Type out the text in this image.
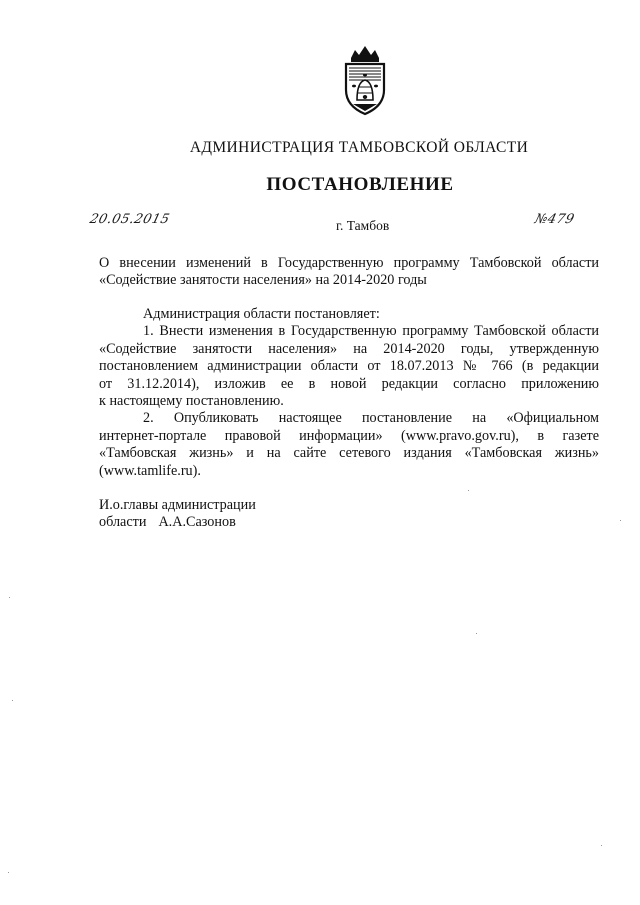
АДМИНИСТРАЦИЯ ТАМБОВСКОЙ ОБЛАСТИ
ПОСТАНОВЛЕНИЕ
20.05.2015	г. Тамбов	№479

О внесении изменений в Государственную программу Тамбовской области

«Содействие занятости населения» на 2014-2020 годы

Администрация области постановляет:

1. Внести изменения в Государственную программу Тамбовской области

«Содействие занятости населения» на 2014-2020 годы, утвержденную

постановлением администрации области от 18.07.2013 № 766 (в редакции

от 31.12.2014), изложив ее в новой редакции согласно приложению

к настоящему постановлению.

2. Опубликовать настоящее постановление на «Официальном

интернет-портале правовой информации» (www.pravo.gov.ru), в газете

«Тамбовская жизнь» и на сайте сетевого издания «Тамбовская жизнь»

(www.tamlife.ru).

И.о.главы администрации
области А.А.Сазонов
